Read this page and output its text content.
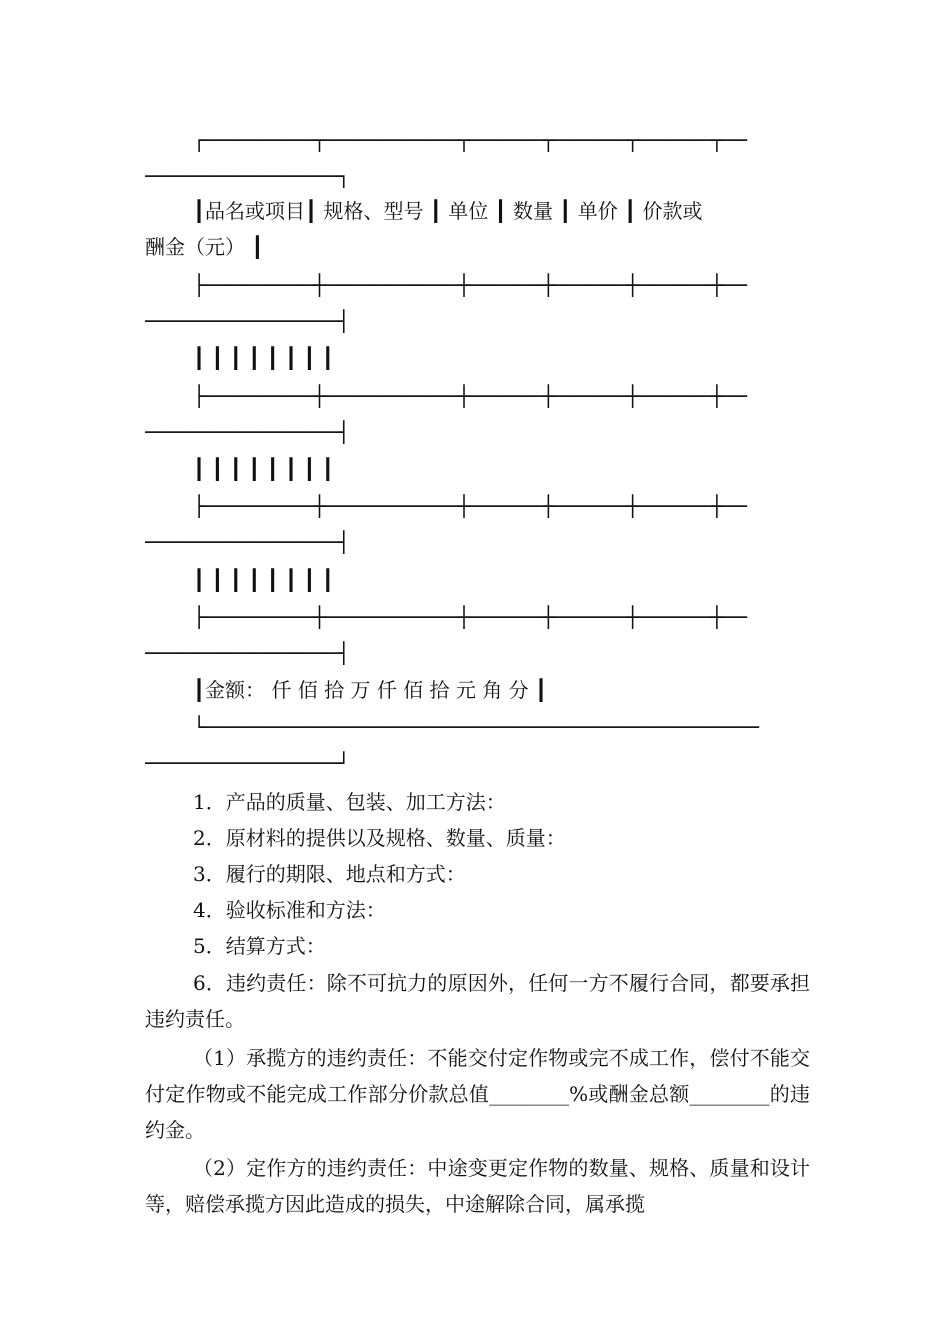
┌─────────┬───────────┬──────┬──────┬──────┬──
────────────────┐
┃品名或项目┃ 规格、型号 ┃ 单位 ┃ 数量 ┃ 单价 ┃ 价款或
酬金（元） ┃
├─────────┼───────────┼──────┼──────┼──────┼──
────────────────┤
┃ ┃ ┃ ┃ ┃ ┃ ┃ ┃
├─────────┼───────────┼──────┼──────┼──────┼──
────────────────┤
┃ ┃ ┃ ┃ ┃ ┃ ┃ ┃
├─────────┼───────────┼──────┼──────┼──────┼──
────────────────┤
┃ ┃ ┃ ┃ ┃ ┃ ┃ ┃
├─────────┼───────────┼──────┼──────┼──────┼──
────────────────┤
┃金额： 仟 佰 拾 万 仟 佰 拾 元 角 分 ┃
└──────────────────────────────────────────────
────────────────┘
1．产品的质量、包装、加工方法：
2．原材料的提供以及规格、数量、质量：
3．履行的期限、地点和方式：
4．验收标准和方法：
5．结算方式：
6．违约责任：除不可抗力的原因外，任何一方不履行合同，都要承担违约责任。
（1）承揽方的违约责任：不能交付定作物或完不成工作，偿付不能交付定作物或不能完成工作部分价款总值________%或酬金总额________的违约金。
（2）定作方的违约责任：中途变更定作物的数量、规格、质量和设计等，赔偿承揽方因此造成的损失，中途解除合同，属承揽
